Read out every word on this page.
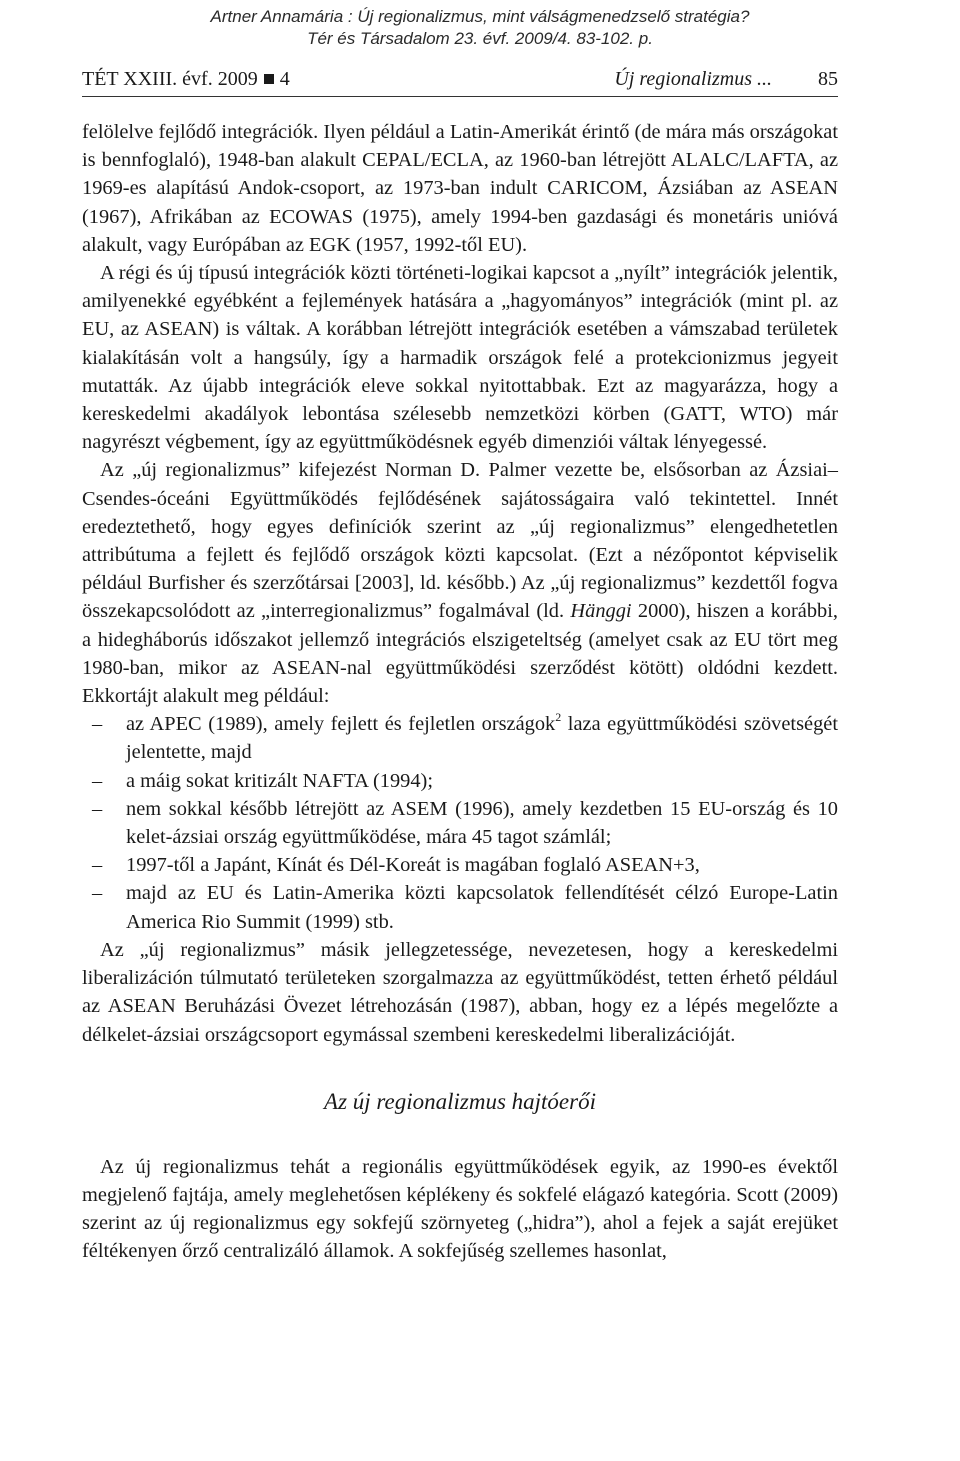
Artner Annamária : Új regionalizmus, mint válságmenedzselő stratégia?
Tér és Társadalom 23. évf. 2009/4. 83-102. p.
TÉT XXIII. évf. 2009 4	Új regionalizmus ... 85

felölelve fejlődő integrációk. Ilyen például a Latin-Amerikát érintő (de mára más országokat is bennfoglaló), 1948-ban alakult CEPAL/ECLA, az 1960-ban létrejött ALALC/LAFTA, az 1969-es alapítású Andok-csoport, az 1973-ban indult CARICOM, Ázsiában az ASEAN (1967), Afrikában az ECOWAS (1975), amely 1994-ben gazdasági és monetáris unióvá alakult, vagy Európában az EGK (1957, 1992-től EU).

A régi és új típusú integrációk közti történeti-logikai kapcsot a „nyílt” integrációk jelentik, amilyenekké egyébként a fejlemények hatására a „hagyományos” integrációk (mint pl. az EU, az ASEAN) is váltak. A korábban létrejött integrációk esetében a vámszabad területek kialakításán volt a hangsúly, így a harmadik országok felé a protekcionizmus jegyeit mutatták. Az újabb integrációk eleve sokkal nyitottabbak. Ezt az magyarázza, hogy a kereskedelmi akadályok lebontása szélesebb nemzetközi körben (GATT, WTO) már nagyrészt végbement, így az együttműködésnek egyéb dimenziói váltak lényegessé.

Az „új regionalizmus” kifejezést Norman D. Palmer vezette be, elsősorban az Ázsiai–Csendes-óceáni Együttműködés fejlődésének sajátosságaira való tekintettel. Innét eredeztethető, hogy egyes definíciók szerint az „új regionalizmus” elengedhetetlen attribútuma a fejlett és fejlődő országok közti kapcsolat. (Ezt a nézőpontot képviselik például Burfisher és szerzőtársai [2003], ld. később.) Az „új regionalizmus” kezdettől fogva összekapcsolódott az „interregionalizmus” fogalmával (ld. Hänggi 2000), hiszen a korábbi, a hidegháborús időszakot jellemző integrációs elszigeteltség (amelyet csak az EU tört meg 1980-ban, mikor az ASEAN-nal együttműködési szerződést kötött) oldódni kezdett. Ekkortájt alakult meg például:

– az APEC (1989), amely fejlett és fejletlen országok$^2$ laza együttműködési szövetségét jelentette, majd
– a máig sokat kritizált NAFTA (1994);
– nem sokkal később létrejött az ASEM (1996), amely kezdetben 15 EU-ország és 10 kelet-ázsiai ország együttműködése, mára 45 tagot számlál;
– 1997-től a Japánt, Kínát és Dél-Koreát is magában foglaló ASEAN+3,
– majd az EU és Latin-Amerika közti kapcsolatok fellendítését célzó Europe-Latin America Rio Summit (1999) stb.

Az „új regionalizmus” másik jellegzetessége, nevezetesen, hogy a kereskedelmi liberalizáción túlmutató területeken szorgalmazza az együttműködést, tetten érhető például az ASEAN Beruházási Övezet létrehozásán (1987), abban, hogy ez a lépés megelőzte a délkelet-ázsiai országcsoport egymással szembeni kereskedelmi liberalizációját.

Az új regionalizmus hajtóerői

Az új regionalizmus tehát a regionális együttműködések egyik, az 1990-es évektől megjelenő fajtája, amely meglehetősen képlékeny és sokfelé elágazó kategória. Scott (2009) szerint az új regionalizmus egy sokfejű szörnyeteg („hidra”), ahol a fejek a saját erejüket féltékenyen őrző centralizáló államok. A sokfejűség szellemes hasonlat,
